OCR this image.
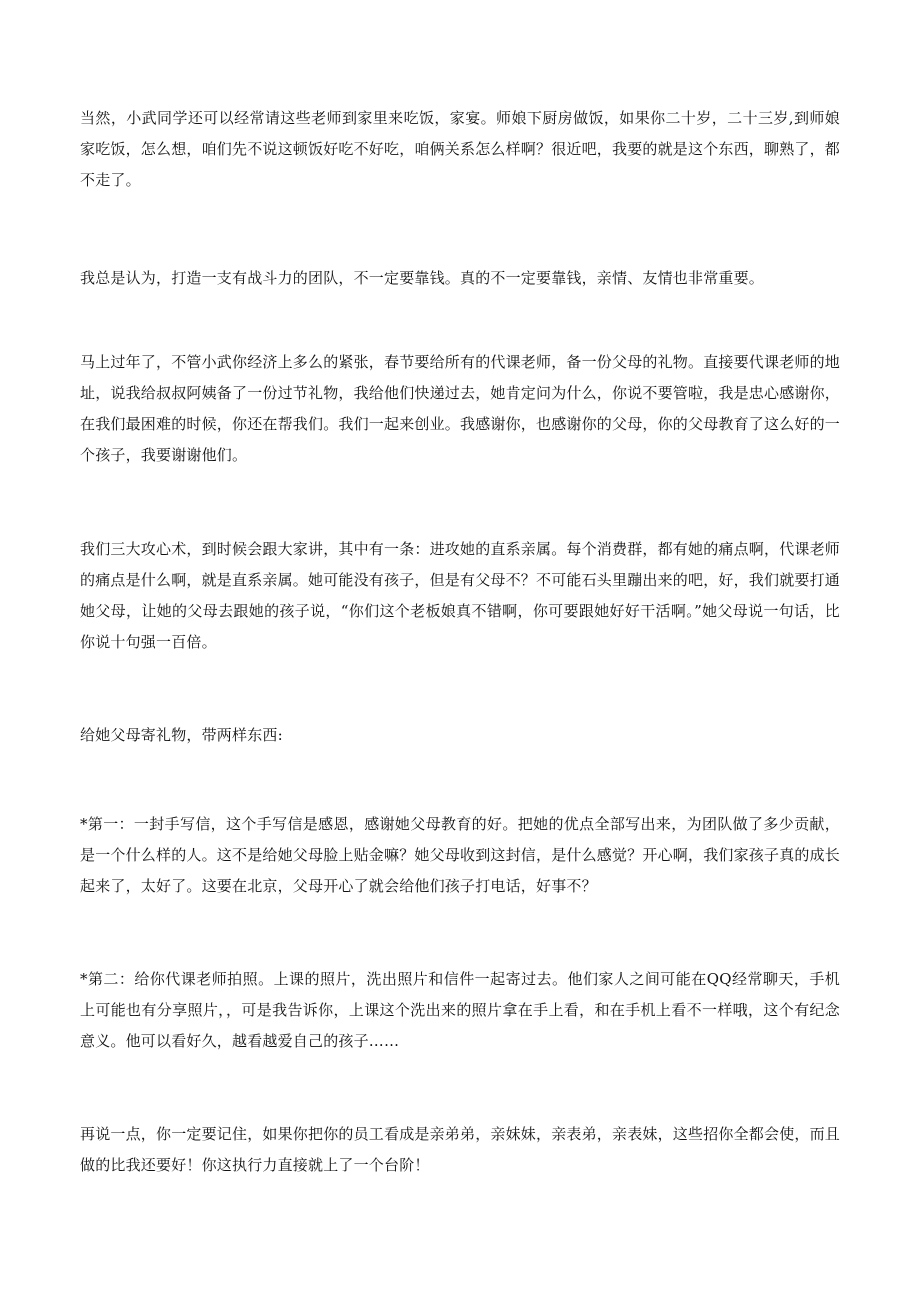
当然，小武同学还可以经常请这些老师到家里来吃饭，家宴。师娘下厨房做饭，如果你二十岁，二十三岁,到师娘家吃饭，怎么想，咱们先不说这顿饭好吃不好吃，咱俩关系怎么样啊？很近吧，我要的就是这个东西，聊熟了，都不走了。

我总是认为，打造一支有战斗力的团队，不一定要靠钱。真的不一定要靠钱，亲情、友情也非常重要。

马上过年了，不管小武你经济上多么的紧张，春节要给所有的代课老师，备一份父母的礼物。直接要代课老师的地址，说我给叔叔阿姨备了一份过节礼物，我给他们快递过去，她肯定问为什么，你说不要管啦，我是忠心感谢你，在我们最困难的时候，你还在帮我们。我们一起来创业。我感谢你，也感谢你的父母，你的父母教育了这么好的一个孩子，我要谢谢他们。

我们三大攻心术，到时候会跟大家讲，其中有一条：进攻她的直系亲属。每个消费群，都有她的痛点啊，代课老师的痛点是什么啊，就是直系亲属。她可能没有孩子，但是有父母不？不可能石头里蹦出来的吧，好，我们就要打通她父母，让她的父母去跟她的孩子说，“你们这个老板娘真不错啊，你可要跟她好好干活啊。”她父母说一句话，比你说十句强一百倍。

给她父母寄礼物，带两样东西:

*第一：一封手写信，这个手写信是感恩，感谢她父母教育的好。把她的优点全部写出来，为团队做了多少贡献，是一个什么样的人。这不是给她父母脸上贴金嘛？她父母收到这封信，是什么感觉？开心啊，我们家孩子真的成长起来了，太好了。这要在北京，父母开心了就会给他们孩子打电话，好事不？

*第二：给你代课老师拍照。上课的照片，洗出照片和信件一起寄过去。他们家人之间可能在QQ经常聊天，手机上可能也有分享照片，，可是我告诉你，上课这个洗出来的照片拿在手上看，和在手机上看不一样哦，这个有纪念意义。他可以看好久，越看越爱自己的孩子……

再说一点，你一定要记住，如果你把你的员工看成是亲弟弟，亲妹妹，亲表弟，亲表妹，这些招你全都会使，而且做的比我还要好！你这执行力直接就上了一个台阶！
